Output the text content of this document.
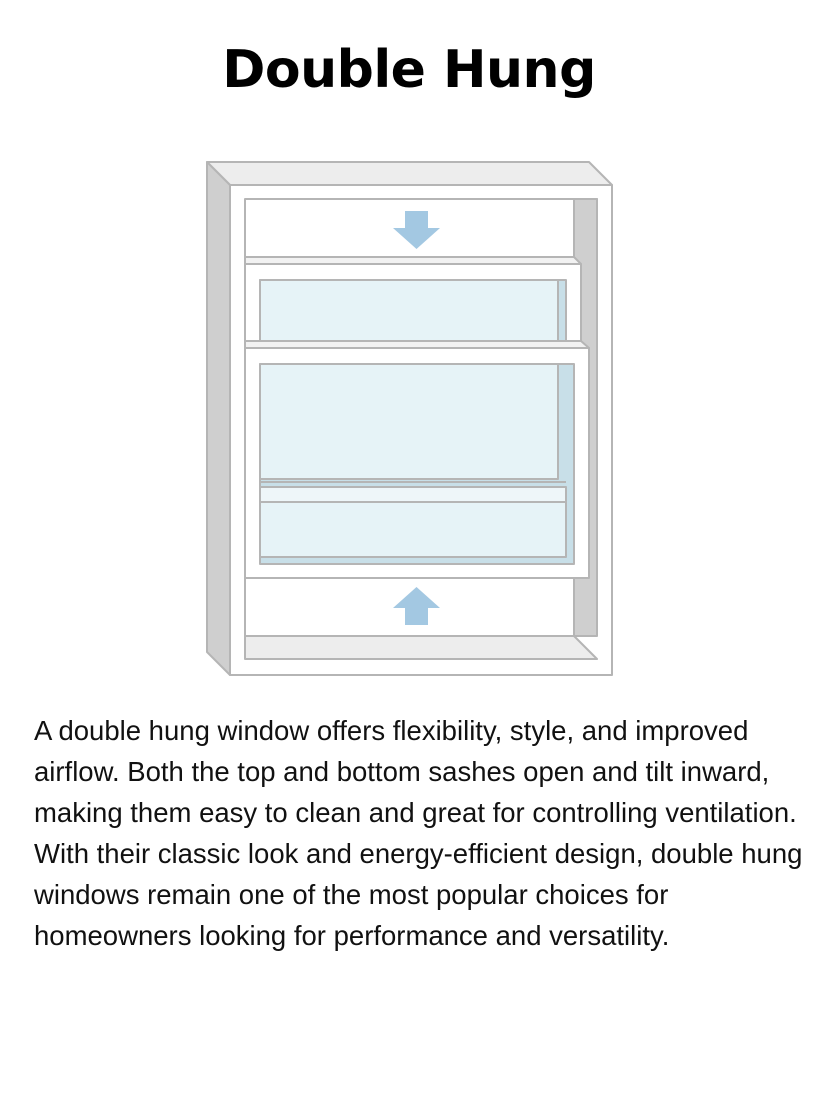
Double Hung

A double hung window offers flexibility, style, and improved airflow. Both the top and bottom sashes open and tilt inward, making them easy to clean and great for controlling ventilation. With their classic look and energy-efficient design, double hung windows remain one of the most popular choices for homeowners looking for performance and versatility.
